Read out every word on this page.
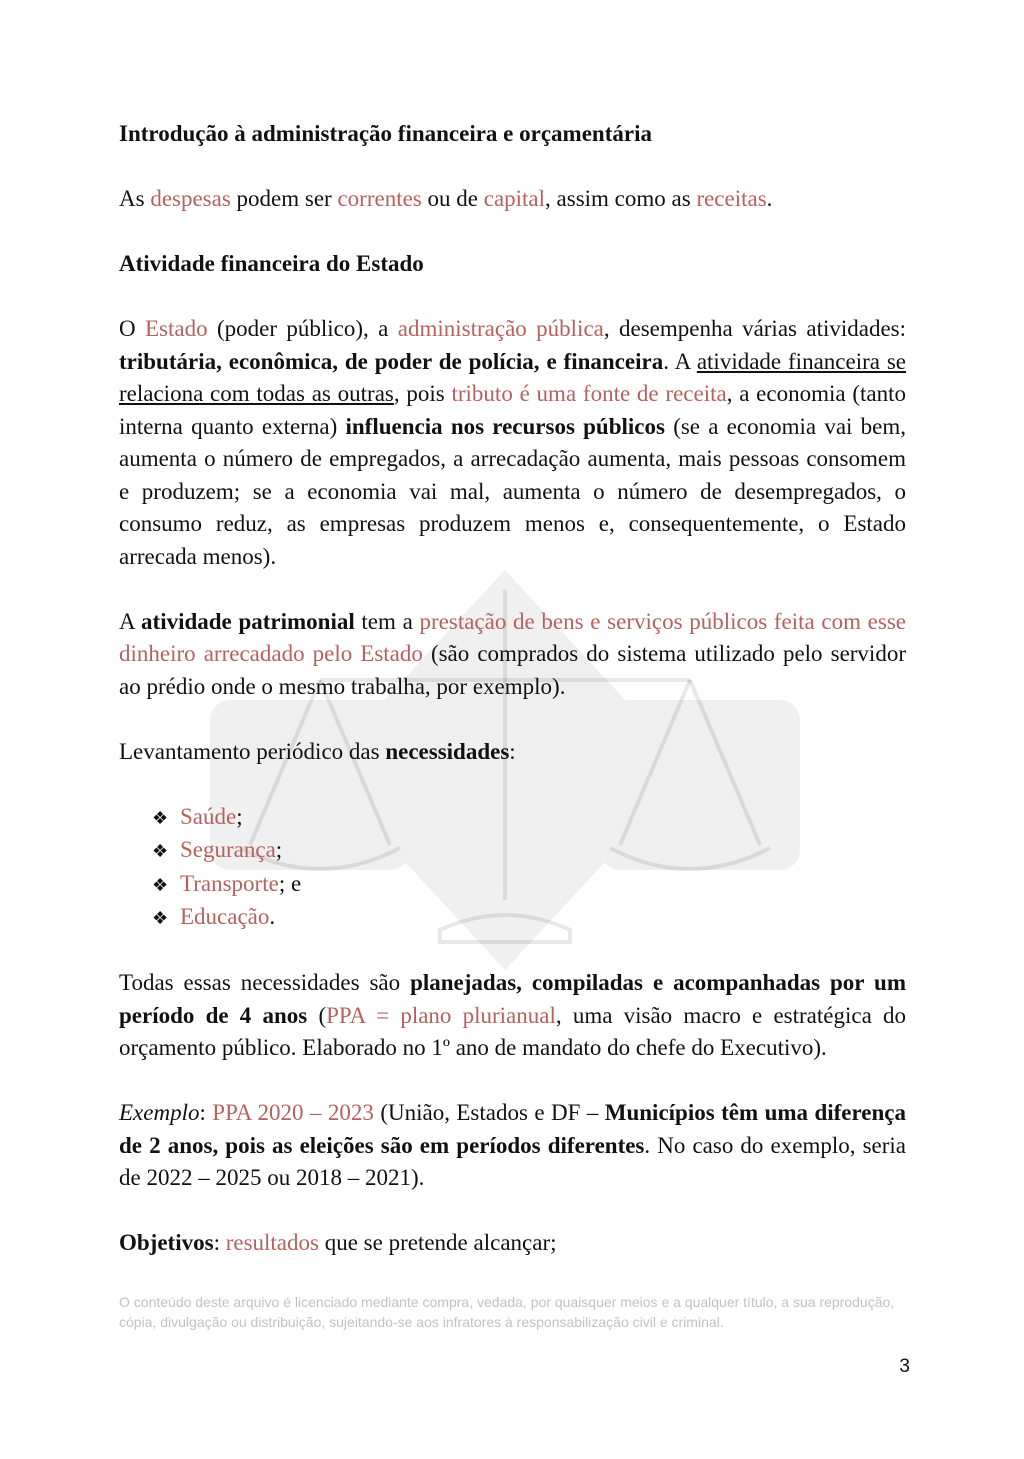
Introdução à administração financeira e orçamentária

As despesas podem ser correntes ou de capital, assim como as receitas.

Atividade financeira do Estado

O Estado (poder público), a administração pública, desempenha várias atividades: tributária, econômica, de poder de polícia, e financeira. A atividade financeira se relaciona com todas as outras, pois tributo é uma fonte de receita, a economia (tanto interna quanto externa) influencia nos recursos públicos (se a economia vai bem, aumenta o número de empregados, a arrecadação aumenta, mais pessoas consomem e produzem; se a economia vai mal, aumenta o número de desempregados, o consumo reduz, as empresas produzem menos e, consequentemente, o Estado arrecada menos).

A atividade patrimonial tem a prestação de bens e serviços públicos feita com esse dinheiro arrecadado pelo Estado (são comprados do sistema utilizado pelo servidor ao prédio onde o mesmo trabalha, por exemplo).

Levantamento periódico das necessidades:

❖ Saúde;
❖ Segurança;
❖ Transporte; e
❖ Educação.

Todas essas necessidades são planejadas, compiladas e acompanhadas por um período de 4 anos (PPA = plano plurianual, uma visão macro e estratégica do orçamento público. Elaborado no 1º ano de mandato do chefe do Executivo).

Exemplo: PPA 2020 – 2023 (União, Estados e DF – Municípios têm uma diferença de 2 anos, pois as eleições são em períodos diferentes. No caso do exemplo, seria de 2022 – 2025 ou 2018 – 2021).

Objetivos: resultados que se pretende alcançar;

O conteúdo deste arquivo é licenciado mediante compra, vedada, por quaisquer meios e a qualquer título, a sua reprodução, cópia, divulgação ou distribuição, sujeitando-se aos infratores à responsabilização civil e criminal.
3
